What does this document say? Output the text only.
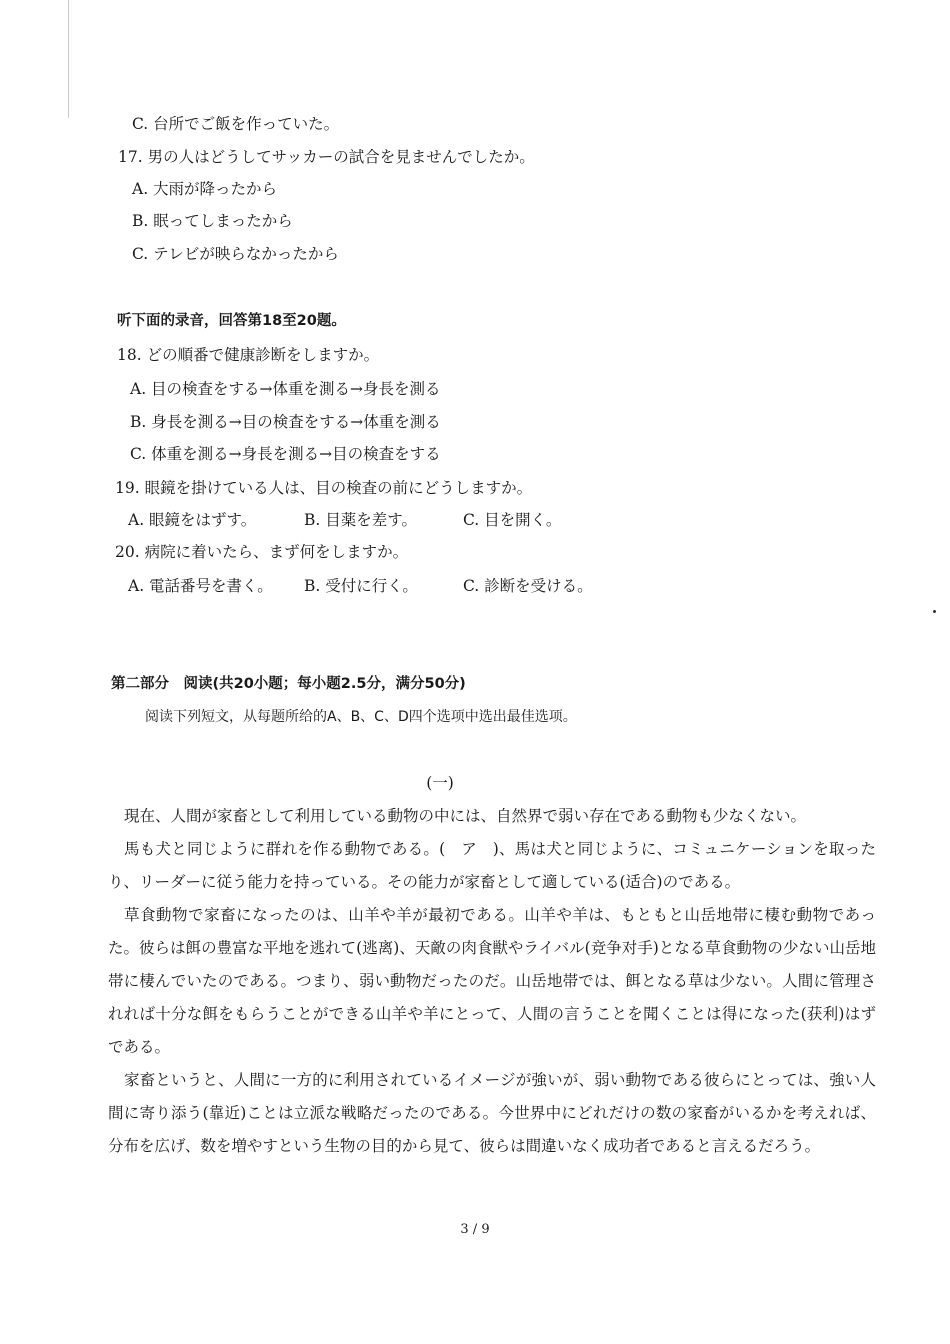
C. 台所でご飯を作っていた。
17. 男の人はどうしてサッカーの試合を見ませんでしたか。
A. 大雨が降ったから
B. 眠ってしまったから
C. テレビが映らなかったから
听下面的录音，回答第18至20题。
18. どの順番で健康診断をしますか。
A. 目の検査をする→体重を測る→身長を測る
B. 身長を測る→目の検査をする→体重を測る
C. 体重を測る→身長を測る→目の検査をする
19. 眼鏡を掛けている人は、目の検査の前にどうしますか。
A. 眼鏡をはずす。	B. 目薬を差す。	C. 目を開く。
20. 病院に着いたら、まず何をしますか。
A. 電話番号を書く。 B. 受付に行く。	C. 診断を受ける。
第二部分　阅读(共20小题；每小题2.5分，满分50分)
阅读下列短文，从每题所给的A、B、C、D四个选项中选出最佳选项。
(一)
現在、人間が家畜として利用している動物の中には、自然界で弱い存在である動物も少なくない。
馬も犬と同じように群れを作る動物である。(　ア　)、馬は犬と同じように、コミュニケーションを取ったり、リーダーに従う能力を持っている。その能力が家畜として適している(适合)のである。
草食動物で家畜になったのは、山羊や羊が最初である。山羊や羊は、もともと山岳地帯に棲む動物であった。彼らは餌の豊富な平地を逃れて(逃离)、天敵の肉食獣やライバル(竞争对手)となる草食動物の少ない山岳地帯に棲んでいたのである。つまり、弱い動物だったのだ。山岳地帯では、餌となる草は少ない。人間に管理されれば十分な餌をもらうことができる山羊や羊にとって、人間の言うことを聞くことは得になった(获利)はずである。
家畜というと、人間に一方的に利用されているイメージが強いが、弱い動物である彼らにとっては、強い人間に寄り添う(靠近)ことは立派な戦略だったのである。今世界中にどれだけの数の家畜がいるかを考えれば、分布を広げ、数を増やすという生物の目的から見て、彼らは間違いなく成功者であると言えるだろう。
3 / 9
